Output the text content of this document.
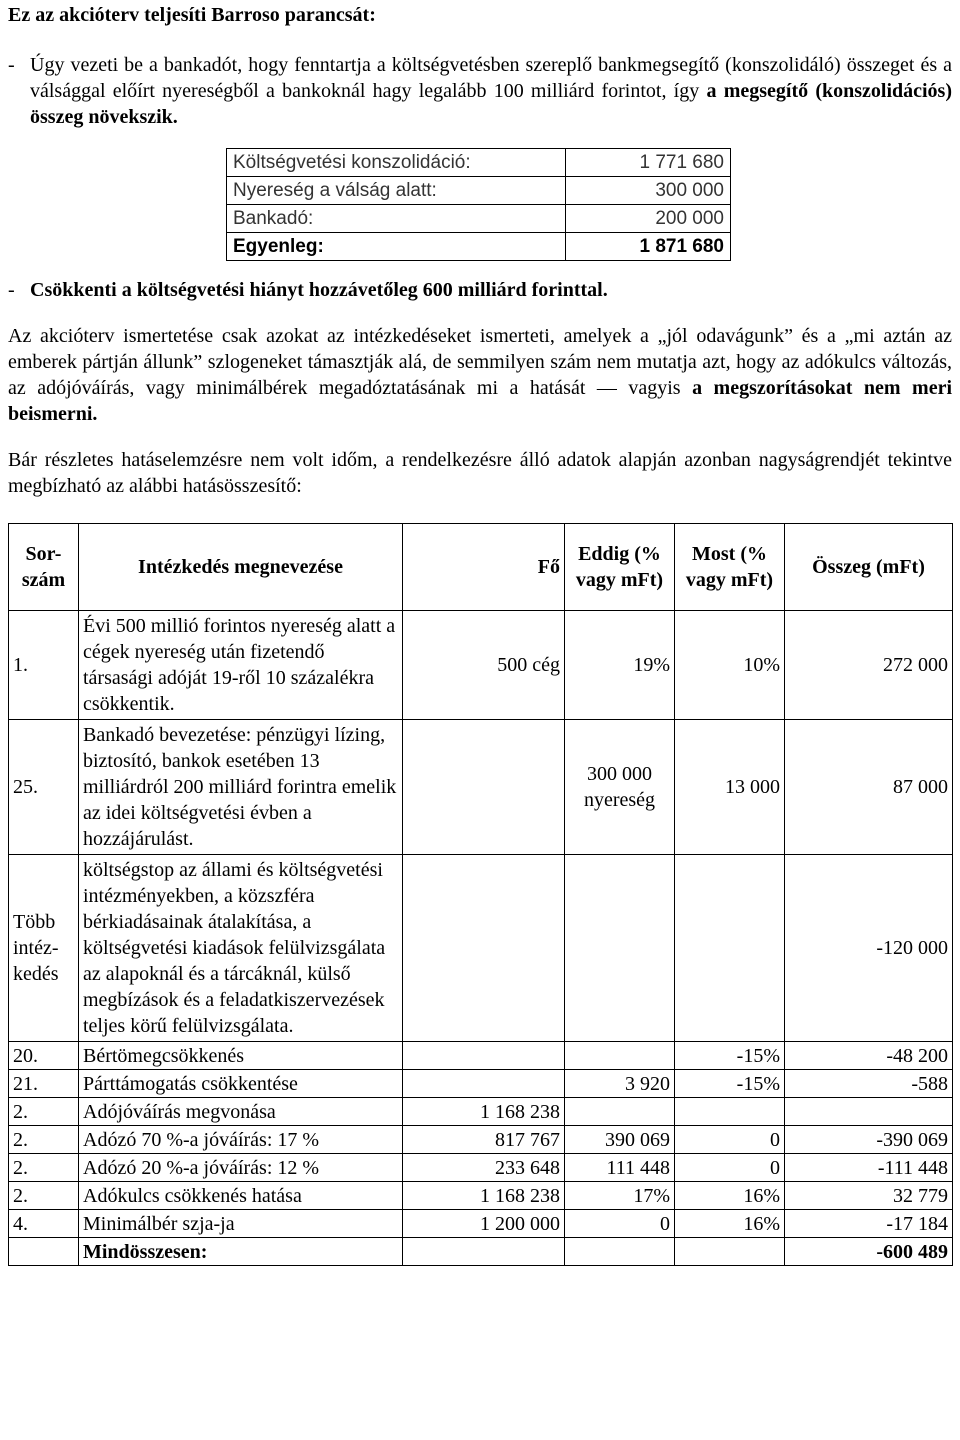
Ez az akcióterv teljesíti Barroso parancsát:

- Úgy vezeti be a bankadót, hogy fenntartja a költségvetésben szereplő bankmegsegítő (konszolidáló) összeget és a válsággal előírt nyereségből a bankoknál hagy legalább 100 milliárd forintot, így a megsegítő (konszolidációs) összeg növekszik.
Költségvetési konszolidáció:	1 771 680
Nyereség a válság alatt:	300 000
Bankadó:	200 000
Egyenleg:	1 871 680
- Csökkenti a költségvetési hiányt hozzávetőleg 600 milliárd forinttal.

Az akcióterv ismertetése csak azokat az intézkedéseket ismerteti, amelyek a „jól odavágunk” és a „mi aztán az emberek pártján állunk” szlogeneket támasztják alá, de semmilyen szám nem mutatja azt, hogy az adókulcs változás, az adójóváírás, vagy minimálbérek megadóztatásának mi a hatását — vagyis a megszorításokat nem meri beismerni.

Bár részletes hatáselemzésre nem volt időm, a rendelkezésre álló adatok alapján azonban nagyságrendjét tekintve megbízható az alábbi hatásösszesítő:

Sor-szám	Intézkedés megnevezése	Fő	Eddig (% vagy mFt)	Most (% vagy mFt)	Összeg (mFt)
1.	Évi 500 millió forintos nyereség alatt a cégek nyereség után fizetendő társasági adóját 19-ről 10 százalékra csökkentik.	500 cég	19%	10%	272 000
25.	Bankadó bevezetése: pénzügyi lízing, biztosító, bankok esetében 13 milliárdról 200 milliárd forintra emelik az idei költségvetési évben a hozzájárulást.		300 000 nyereség	13 000	87 000
Több intéz-kedés	költségstop az állami és költségvetési intézményekben, a közszféra bérkiadásainak átalakítása, a költségvetési kiadások felülvizsgálata az alapoknál és a tárcáknál, külső megbízások és a feladatkiszervezések teljes körű felülvizsgálata.				-120 000
20.	Bértömegcsökkenés			-15%	-48 200
21.	Párttámogatás csökkentése		3 920	-15%	-588
2.	Adójóváírás megvonása	1 168 238			
2.	Adózó 70 %-a jóváírás: 17 %	817 767	390 069	0	-390 069
2.	Adózó 20 %-a jóváírás: 12 %	233 648	111 448	0	-111 448
2.	Adókulcs csökkenés hatása	1 168 238	17%	16%	32 779
4.	Minimálbér szja-ja	1 200 000	0	16%	-17 184
	Mindösszesen:				-600 489
